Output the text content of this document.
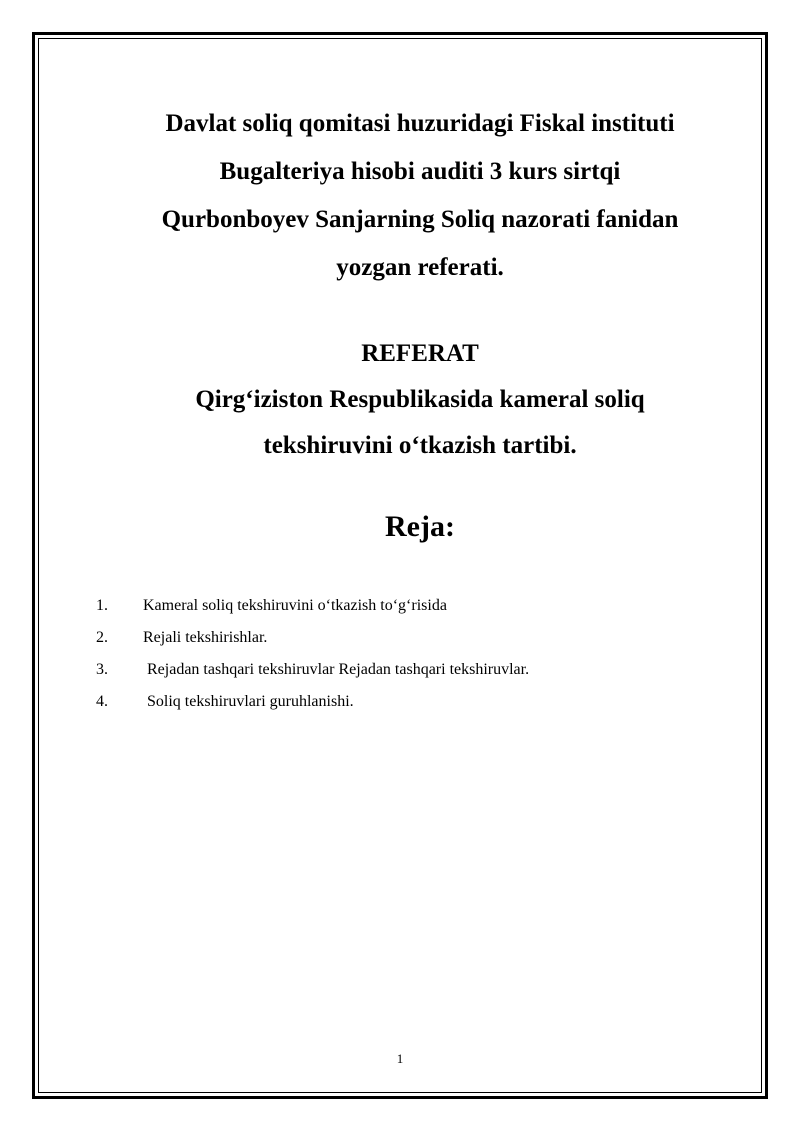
Davlat soliq qomitasi huzuridagi Fiskal instituti
Bugalteriya hisobi auditi 3 kurs sirtqi
Qurbonboyev Sanjarning Soliq nazorati fanidan
yozgan referati.
REFERAT
Qirg‘iziston Respublikasida kameral soliq
tekshiruvini o‘tkazish tartibi.
Reja:
1. Kameral soliq tekshiruvini o‘tkazish to‘g‘risida
2. Rejali tekshirishlar.
3. Rejadan tashqari tekshiruvlar Rejadan tashqari tekshiruvlar.
4. Soliq tekshiruvlari guruhlanishi.
1
